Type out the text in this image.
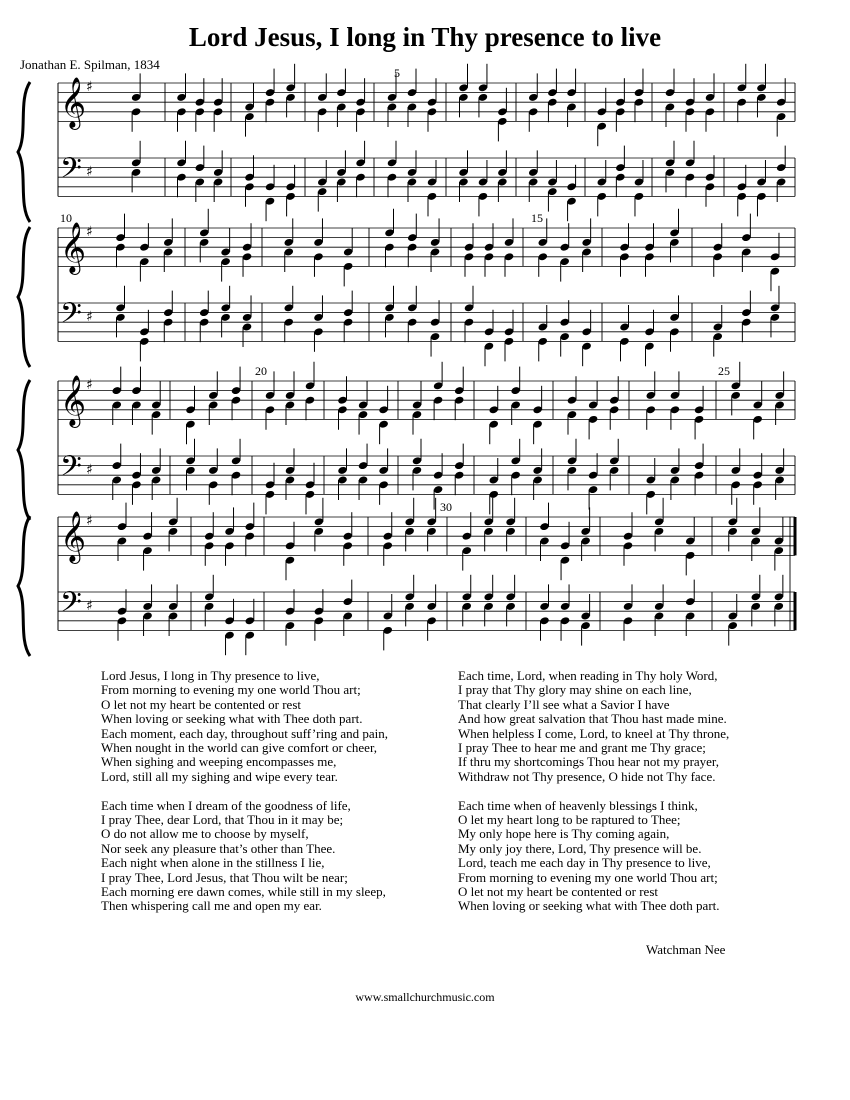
Lord Jesus, I long in Thy presence to live
Jonathan E. Spilman, 1834
𝄞
𝄢
♯
♯
5
𝄞
𝄢
♯
♯
10	15
𝄞
𝄢
♯
♯
20	25
𝄞
𝄢
♯
♯
30
Lord Jesus, I long in Thy presence to live,
From morning to evening my one world Thou art;
O let not my heart be contented or rest
When loving or seeking what with Thee doth part.
Each moment, each day, throughout suff’ring and pain,
When nought in the world can give comfort or cheer,
When sighing and weeping encompasses me,
Lord, still all my sighing and wipe every tear.
Each time when I dream of the goodness of life,
I pray Thee, dear Lord, that Thou in it may be;
O do not allow me to choose by myself,
Nor seek any pleasure that’s other than Thee.
Each night when alone in the stillness I lie,
I pray Thee, Lord Jesus, that Thou wilt be near;
Each morning ere dawn comes, while still in my sleep,
Then whispering call me and open my ear.
Each time, Lord, when reading in Thy holy Word,
I pray that Thy glory may shine on each line,
That clearly I’ll see what a Savior I have
And how great salvation that Thou hast made mine.
When helpless I come, Lord, to kneel at Thy throne,
I pray Thee to hear me and grant me Thy grace;
If thru my shortcomings Thou hear not my prayer,
Withdraw not Thy presence, O hide not Thy face.
Each time when of heavenly blessings I think,
O let my heart long to be raptured to Thee;
My only hope here is Thy coming again,
My only joy there, Lord, Thy presence will be.
Lord, teach me each day in Thy presence to live,
From morning to evening my one world Thou art;
O let not my heart be contented or rest
When loving or seeking what with Thee doth part.
Watchman Nee
www.smallchurchmusic.com
